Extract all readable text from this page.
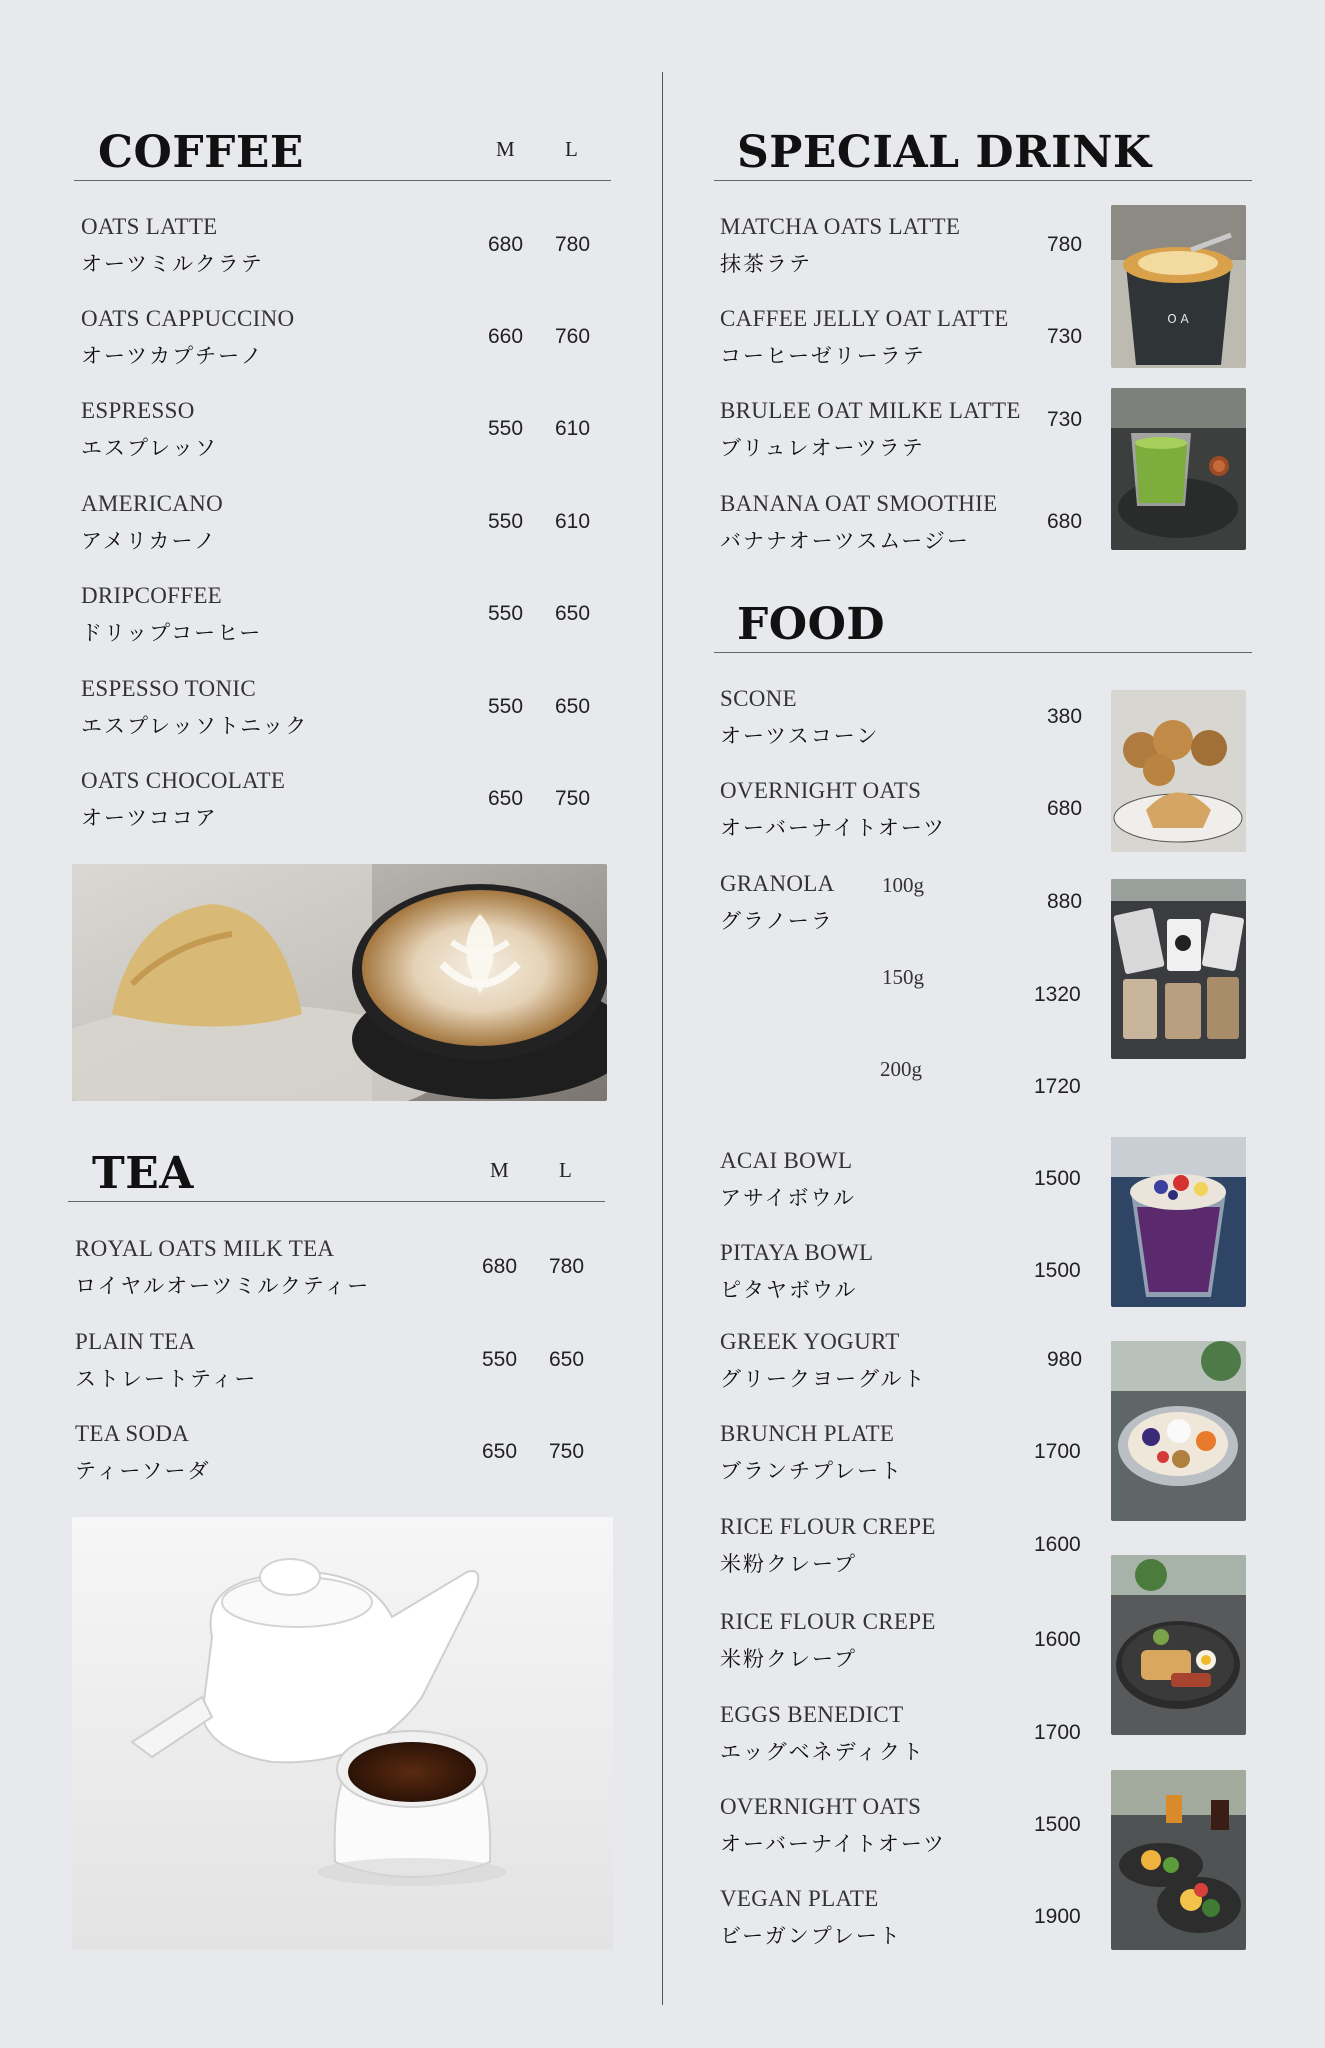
COFFEE	M L
OATS LATTE
オーツミルクラテ
680 780
OATS CAPPUCCINO
オーツカプチーノ
660 760
ESPRESSO
エスプレッソ
550 610
AMERICANO
アメリカーノ
550 610
DRIPCOFFEE
ドリップコーヒー
550 650
ESPESSO TONIC
エスプレッソトニック
550 650
OATS CHOCOLATE
オーツココア
650 750
TEA	M L
ROYAL OATS MILK TEA
ロイヤルオーツミルクティー
680 780
PLAIN TEA
ストレートティー
550 650
TEA SODA
ティーソーダ
650 750
SPECIAL DRINK
MATCHA OATS LATTE
抹茶ラテ
780
CAFFEE JELLY OAT LATTE
コーヒーゼリーラテ
730
BRULEE OAT MILKE LATTE
ブリュレオーツラテ
730
BANANA OAT SMOOTHIE
バナナオーツスムージー
680
O A
FOOD
SCONE
オーツスコーン
380
OVERNIGHT OATS
オーバーナイトオーツ
680
GRANOLA
グラノーラ
100g
880
150g
1320
200g
1720
ACAI BOWL
アサイボウル
1500
PITAYA BOWL
ピタヤボウル
1500
GREEK YOGURT
グリークヨーグルト
980
BRUNCH PLATE
ブランチプレート
1700
RICE FLOUR CREPE
米粉クレープ
1600
RICE FLOUR CREPE
米粉クレープ
1600
EGGS BENEDICT
エッグベネディクト
1700
OVERNIGHT OATS
オーバーナイトオーツ
1500
VEGAN PLATE
ビーガンプレート
1900
